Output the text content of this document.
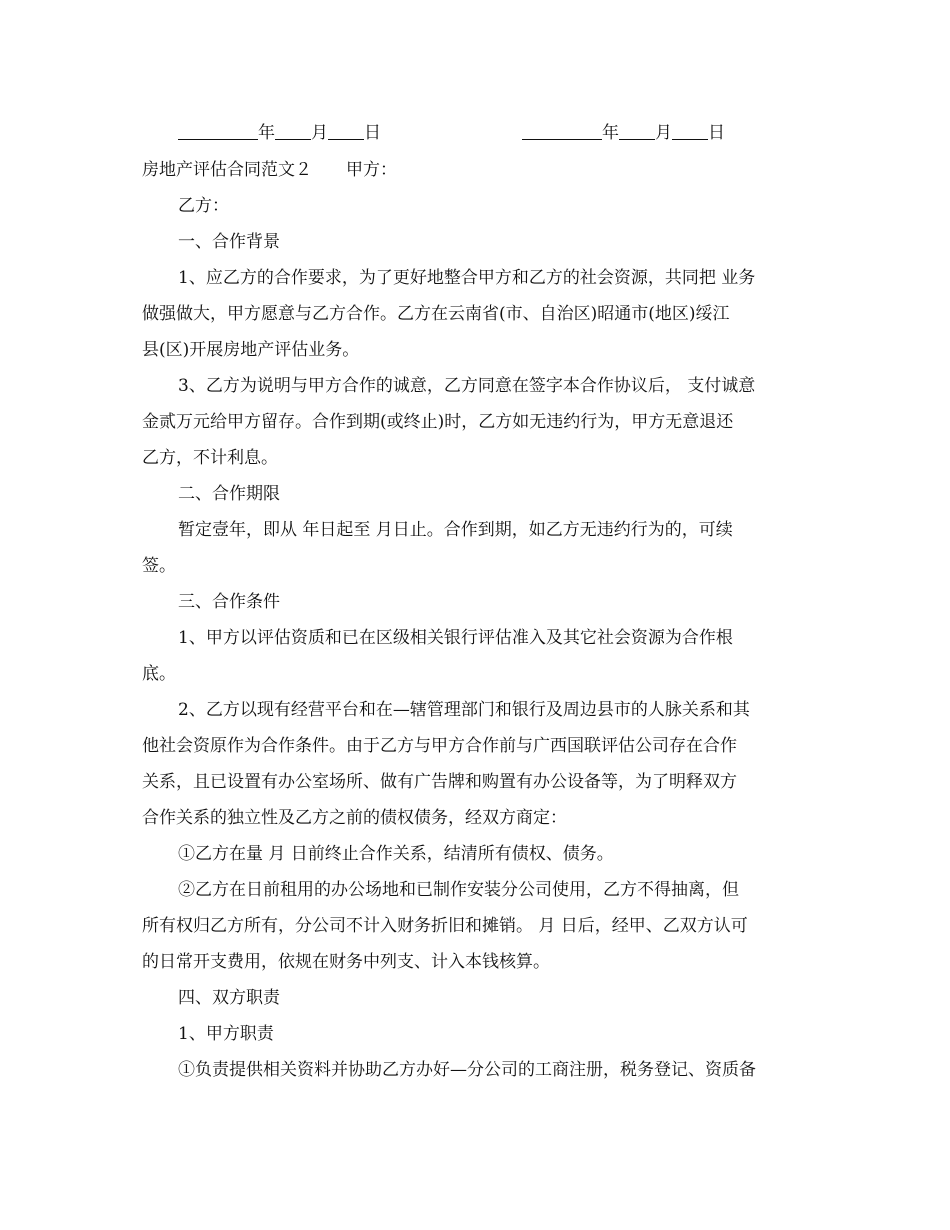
年 月 日	年 月 日
房地产评估合同范文２ 甲方：
乙方：
一、合作背景
1、应乙方的合作要求，为了更好地整合甲方和乙方的社会资源，共同把 业务
做强做大，甲方愿意与乙方合作。乙方在云南省(市、自治区)昭通市(地区)绥江
县(区)开展房地产评估业务。
3、乙方为说明与甲方合作的诚意，乙方同意在签字本合作协议后， 支付诚意
金贰万元给甲方留存。合作到期(或终止)时，乙方如无违约行为，甲方无意退还
乙方，不计利息。
二、合作期限
暂定壹年，即从 年日起至 月日止。合作到期，如乙方无违约行为的，可续
签。
三、合作条件
1、甲方以评估资质和已在区级相关银行评估准入及其它社会资源为合作根
底。
2、乙方以现有经营平台和在—辖管理部门和银行及周边县市的人脉关系和其
他社会资原作为合作条件。由于乙方与甲方合作前与广西国联评估公司存在合作
关系，且已设置有办公室场所、做有广告牌和购置有办公设备等，为了明释双方
合作关系的独立性及乙方之前的债权债务，经双方商定：
①乙方在量 月 日前终止合作关系，结清所有债权、债务。
②乙方在日前租用的办公场地和已制作安装分公司使用，乙方不得抽离，但
所有权归乙方所有，分公司不计入财务折旧和摊销。 月 日后，经甲、乙双方认可
的日常开支费用，依规在财务中列支、计入本钱核算。
四、双方职责
1、甲方职责
①负责提供相关资料并协助乙方办好—分公司的工商注册，税务登记、资质备
